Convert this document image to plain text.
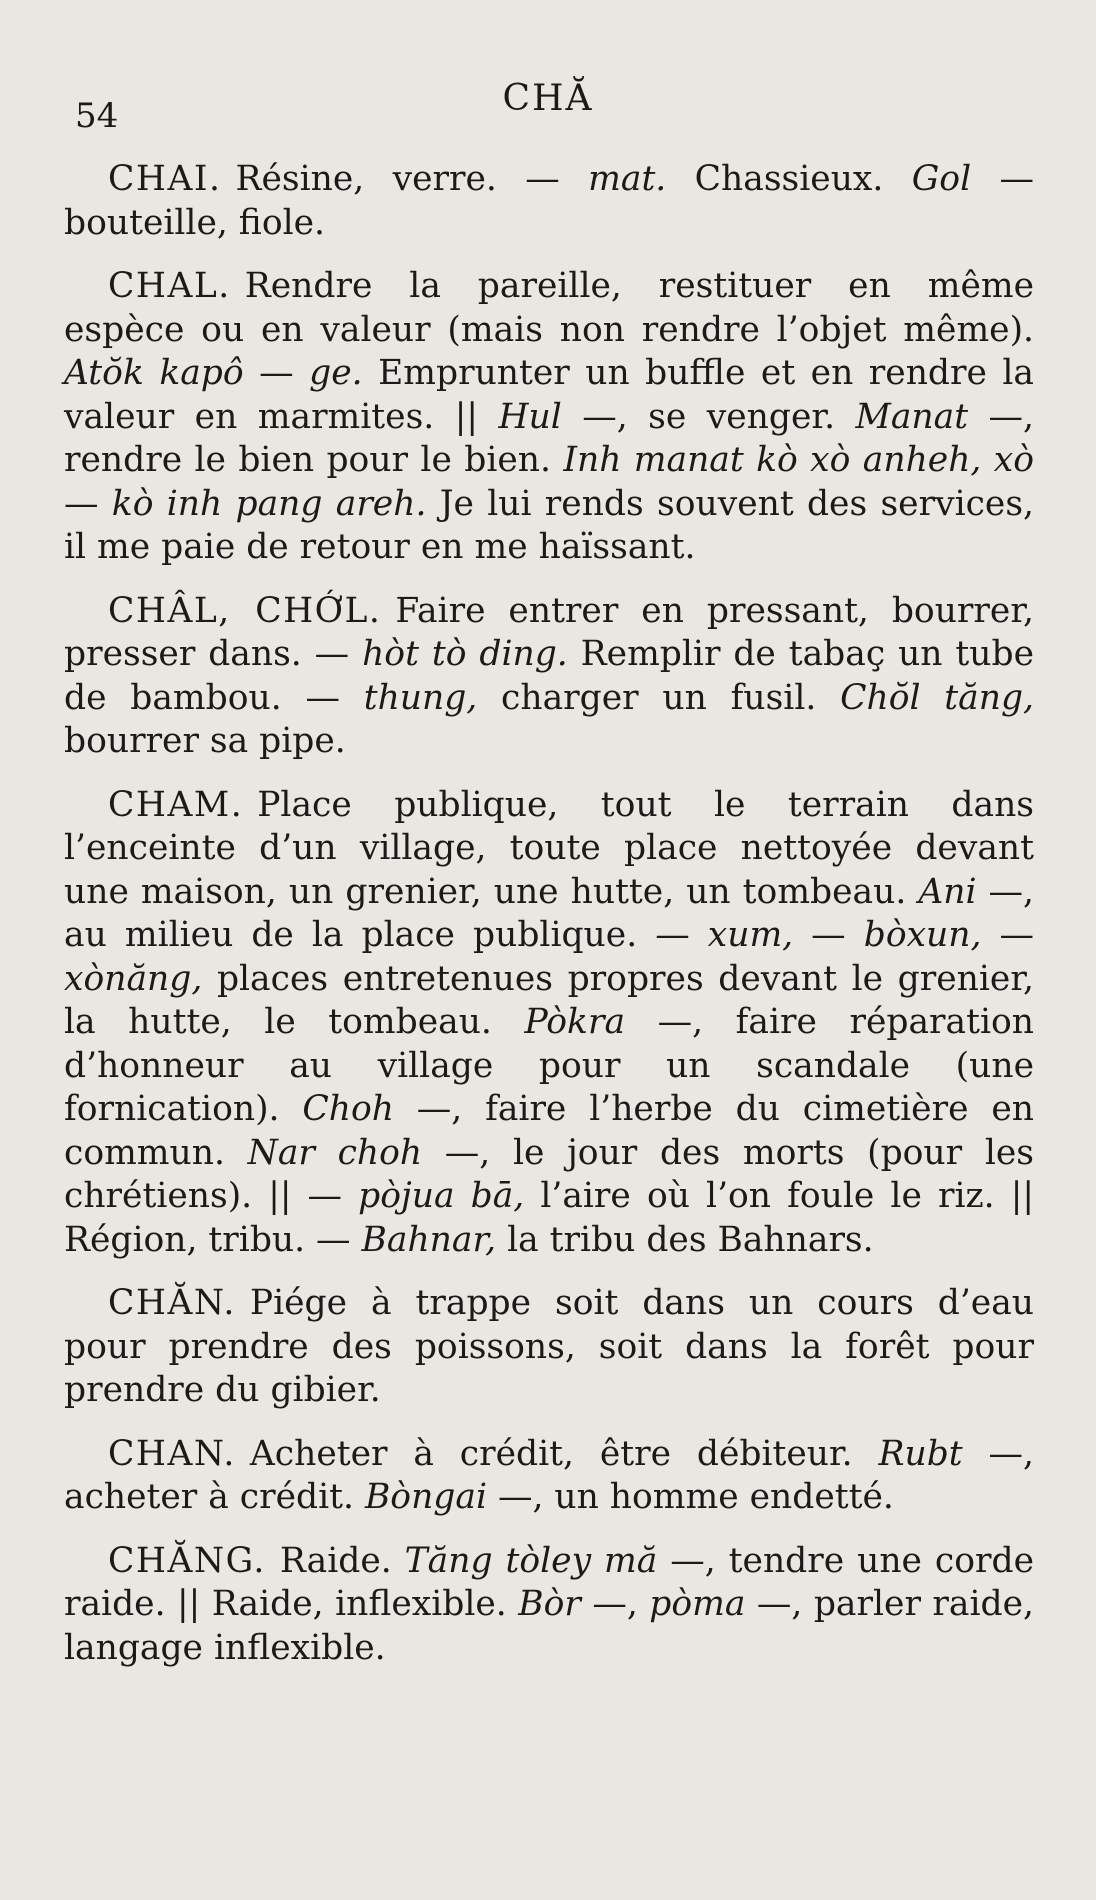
54	CHĂ

CHAI. Résine, verre. — mat. Chassieux. Gol — bouteille, fiole.

CHAL. Rendre la pareille, restituer en même espèce ou en valeur (mais non rendre l’objet même). Atŏk kapô — ge. Emprunter un buffle et en rendre la valeur en marmites. || Hul —, se venger. Manat —, rendre le bien pour le bien. Inh manat kò xò anheh, xò — kò inh pang areh. Je lui rends souvent des services, il me paie de retour en me haïssant.

CHÂL, CHỚL. Faire entrer en pressant, bourrer, presser dans. — hòt tò ding. Remplir de tabaç un tube de bambou. — thung, charger un fusil. Chŏl tăng, bourrer sa pipe.

CHAM. Place publique, tout le terrain dans l’enceinte d’un village, toute place nettoyée devant une maison, un grenier, une hutte, un tombeau. Ani —, au milieu de la place publique. — xum, — bòxun, — xònăng, places entretenues propres devant le grenier, la hutte, le tombeau. Pòkra —, faire réparation d’honneur au village pour un scandale (une fornication). Choh —, faire l’herbe du cimetière en commun. Nar choh —, le jour des morts (pour les chrétiens). || — pòjua bā, l’aire où l’on foule le riz. || Région, tribu. — Bahnar, la tribu des Bahnars.

CHĂN. Piége à trappe soit dans un cours d’eau pour prendre des poissons, soit dans la forêt pour prendre du gibier.

CHAN. Acheter à crédit, être débiteur. Rubt —, acheter à crédit. Bòngai —, un homme endetté.

CHĂNG. Raide. Tăng tòley mă —, tendre une corde raide. || Raide, inflexible. Bòr —, pòma —, parler raide, langage inflexible.
